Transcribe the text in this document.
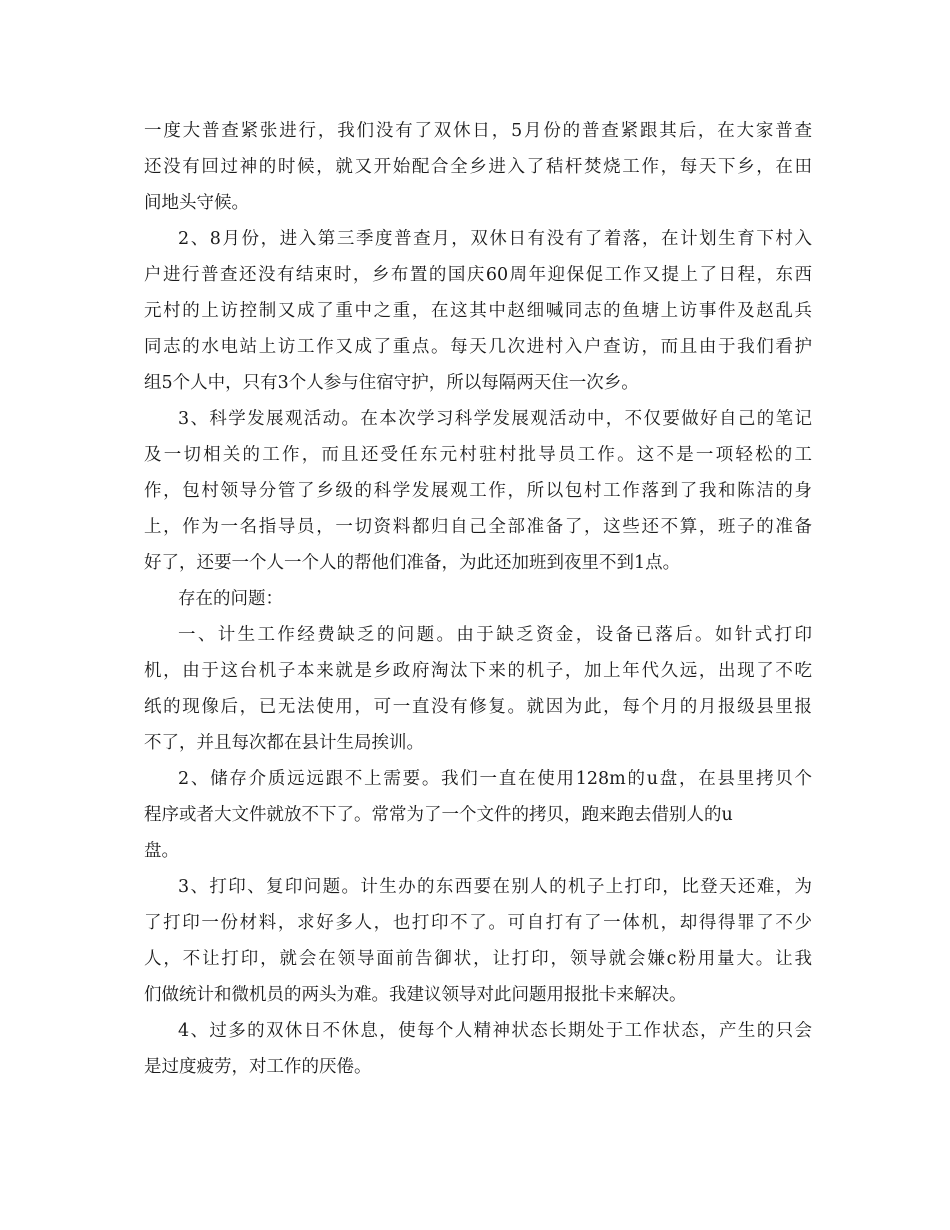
一度大普查紧张进行，我们没有了双休日，5月份的普查紧跟其后，在大家普查
还没有回过神的时候，就又开始配合全乡进入了秸杆焚烧工作，每天下乡，在田
间地头守候。
2、8月份，进入第三季度普查月，双休日有没有了着落，在计划生育下村入
户进行普查还没有结束时，乡布置的国庆60周年迎保促工作又提上了日程，东西
元村的上访控制又成了重中之重，在这其中赵细喊同志的鱼塘上访事件及赵乱兵
同志的水电站上访工作又成了重点。每天几次进村入户查访，而且由于我们看护
组5个人中，只有3个人参与住宿守护，所以每隔两天住一次乡。
3、科学发展观活动。在本次学习科学发展观活动中，不仅要做好自己的笔记
及一切相关的工作，而且还受任东元村驻村批导员工作。这不是一项轻松的工
作，包村领导分管了乡级的科学发展观工作，所以包村工作落到了我和陈洁的身
上，作为一名指导员，一切资料都归自己全部准备了，这些还不算，班子的准备
好了，还要一个人一个人的帮他们准备，为此还加班到夜里不到1点。
存在的问题：
一、计生工作经费缺乏的问题。由于缺乏资金，设备已落后。如针式打印
机，由于这台机子本来就是乡政府淘汰下来的机子，加上年代久远，出现了不吃
纸的现像后，已无法使用，可一直没有修复。就因为此，每个月的月报级县里报
不了，并且每次都在县计生局挨训。
2、储存介质远远跟不上需要。我们一直在使用128m的u盘，在县里拷贝个
程序或者大文件就放不下了。常常为了一个文件的拷贝，跑来跑去借别人的u
盘。
3、打印、复印问题。计生办的东西要在别人的机子上打印，比登天还难，为
了打印一份材料，求好多人，也打印不了。可自打有了一体机，却得得罪了不少
人，不让打印，就会在领导面前告御状，让打印，领导就会嫌c粉用量大。让我
们做统计和微机员的两头为难。我建议领导对此问题用报批卡来解决。
4、过多的双休日不休息，使每个人精神状态长期处于工作状态，产生的只会
是过度疲劳，对工作的厌倦。
